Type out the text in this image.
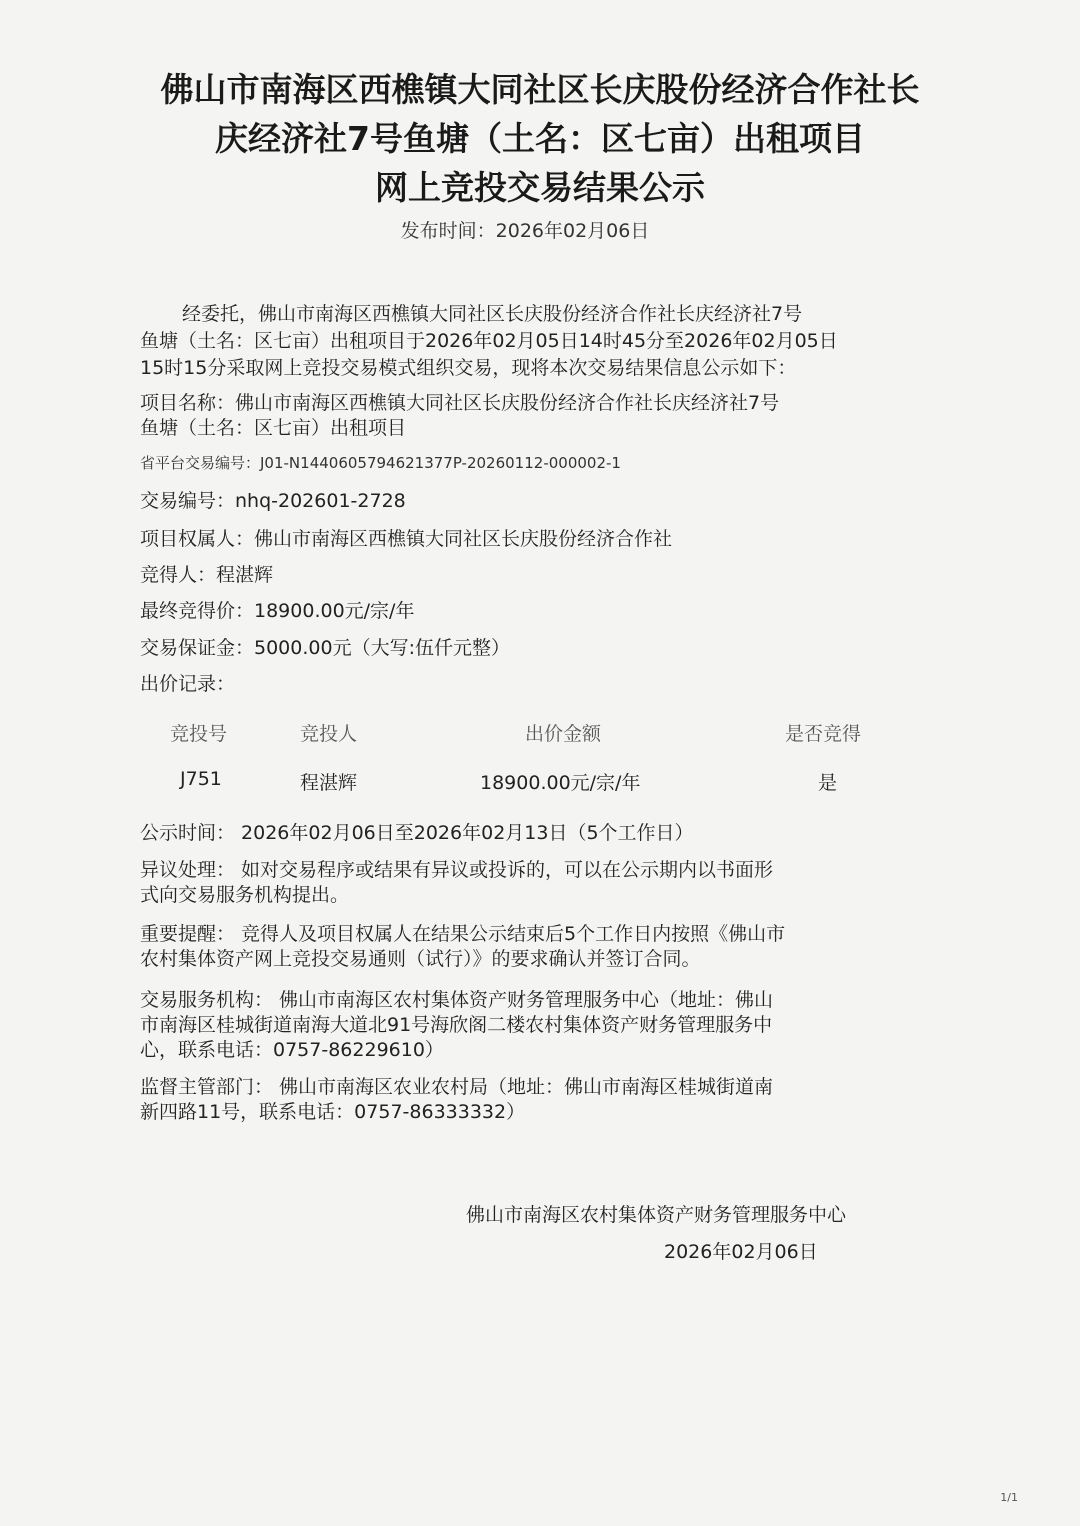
佛山市南海区西樵镇大同社区长庆股份经济合作社长
庆经济社7号鱼塘（土名：区七亩）出租项目
网上竞投交易结果公示
发布时间：2026年02月06日
经委托，佛山市南海区西樵镇大同社区长庆股份经济合作社长庆经济社7号
鱼塘（土名：区七亩）出租项目于2026年02月05日14时45分至2026年02月05日
15时15分采取网上竞投交易模式组织交易，现将本次交易结果信息公示如下：
项目名称：佛山市南海区西樵镇大同社区长庆股份经济合作社长庆经济社7号
鱼塘（土名：区七亩）出租项目
省平台交易编号：J01-N1440605794621377P-20260112-000002-1
交易编号：nhq-202601-2728
项目权属人：佛山市南海区西樵镇大同社区长庆股份经济合作社
竞得人：程湛辉
最终竞得价：18900.00元/宗/年
交易保证金：5000.00元（大写:伍仟元整）
出价记录：
竞投号	竞投人	出价金额	是否竞得
J751	程湛辉	18900.00元/宗/年	是
公示时间： 2026年02月06日至2026年02月13日（5个工作日）
异议处理： 如对交易程序或结果有异议或投诉的，可以在公示期内以书面形
式向交易服务机构提出。
重要提醒： 竞得人及项目权属人在结果公示结束后5个工作日内按照《佛山市
农村集体资产网上竞投交易通则（试行）》的要求确认并签订合同。
交易服务机构： 佛山市南海区农村集体资产财务管理服务中心（地址：佛山
市南海区桂城街道南海大道北91号海欣阁二楼农村集体资产财务管理服务中
心，联系电话：0757-86229610）
监督主管部门： 佛山市南海区农业农村局（地址：佛山市南海区桂城街道南
新四路11号，联系电话：0757-86333332）
佛山市南海区农村集体资产财务管理服务中心
2026年02月06日
1/1
